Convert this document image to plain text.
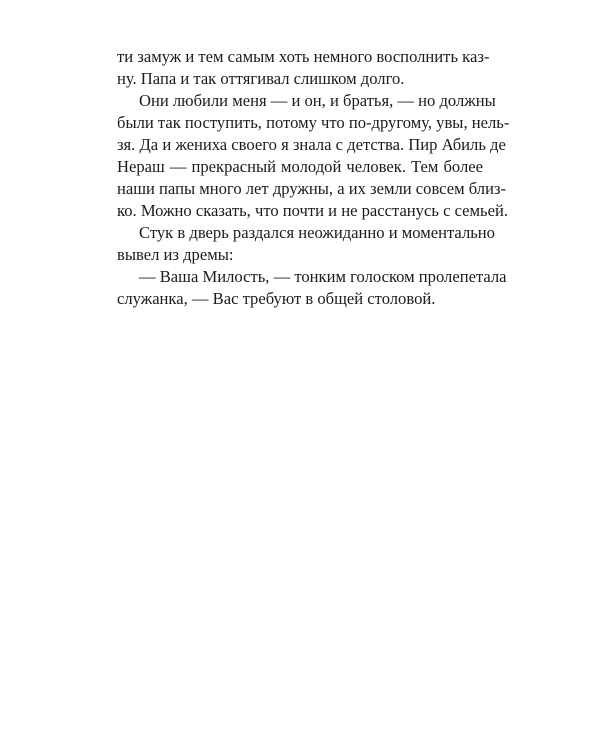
ти замуж и тем самым хоть немного восполнить каз-
ну. Папа и так оттягивал слишком долго.
Они любили меня — и он, и братья, — но должны
были так поступить, потому что по-другому, увы, нель-
зя. Да и жениха своего я знала с детства. Пир Абиль де
Нераш — прекрасный молодой человек. Тем более
наши папы много лет дружны, а их земли совсем близ-
ко. Можно сказать, что почти и не расстанусь с семьей.
Стук в дверь раздался неожиданно и моментально
вывел из дремы:
— Ваша Милость, — тонким голоском пролепетала
служанка, — Вас требуют в общей столовой.
